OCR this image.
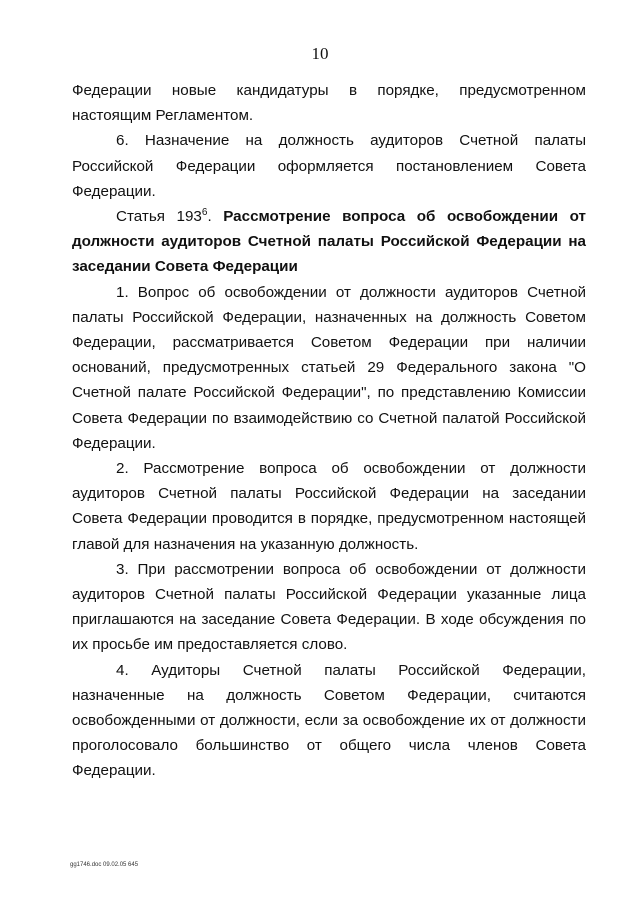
10

Федерации новые кандидатуры в порядке, предусмотренном настоящим Регламентом.

6. Назначение на должность аудиторов Счетной палаты Российской Федерации оформляется постановлением Совета Федерации.

Статья $193^6$. Рассмотрение вопроса об освобождении от должности аудиторов Счетной палаты Российской Федерации на заседании Совета Федерации

1. Вопрос об освобождении от должности аудиторов Счетной палаты Российской Федерации, назначенных на должность Советом Федерации, рассматривается Советом Федерации при наличии оснований, предусмотренных статьей 29 Федерального закона "О Счетной палате Российской Федерации", по представлению Комиссии Совета Федерации по взаимодействию со Счетной палатой Российской Федерации.

2. Рассмотрение вопроса об освобождении от должности аудиторов Счетной палаты Российской Федерации на заседании Совета Федерации проводится в порядке, предусмотренном настоящей главой для назначения на указанную должность.

3. При рассмотрении вопроса об освобождении от должности аудиторов Счетной палаты Российской Федерации указанные лица приглашаются на заседание Совета Федерации. В ходе обсуждения по их просьбе им предоставляется слово.

4. Аудиторы Счетной палаты Российской Федерации, назначенные на должность Советом Федерации, считаются освобожденными от должности, если за освобождение их от должности проголосовало большинство от общего числа членов Совета Федерации.

gg1746.doc 09.02.05 645
